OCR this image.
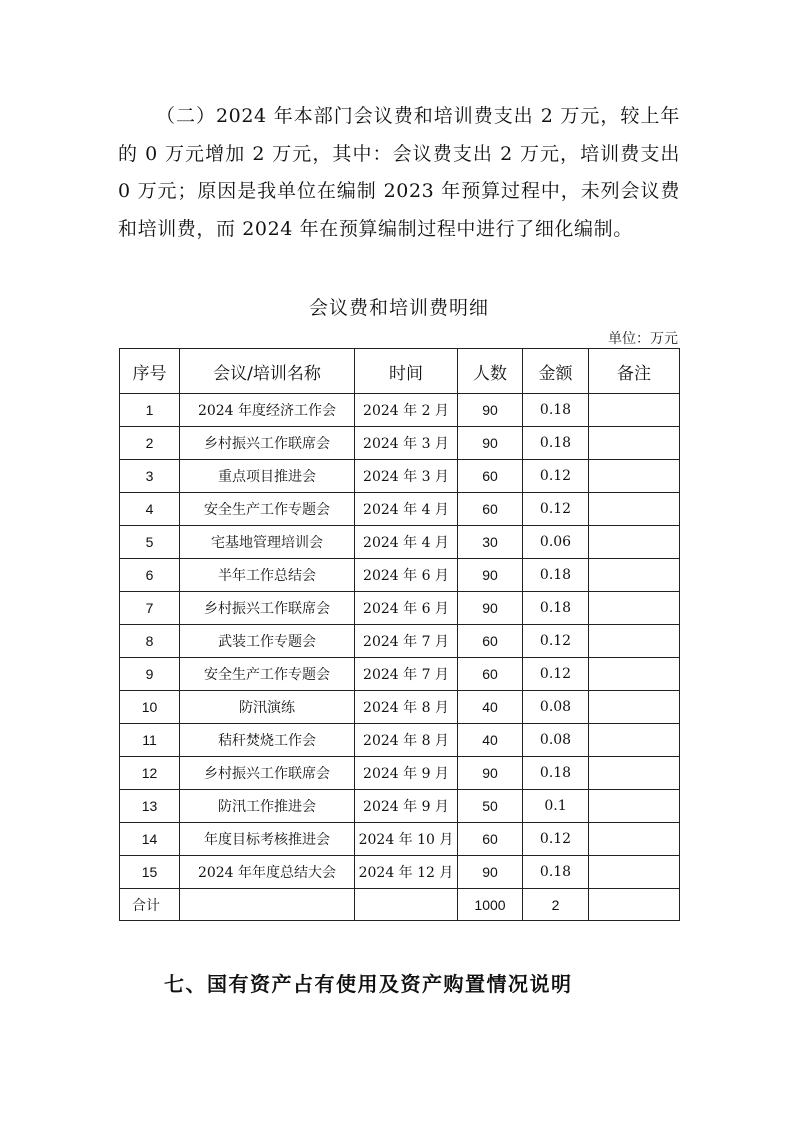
（二）2024 年本部门会议费和培训费支出 2 万元，较上年的 0 万元增加 2 万元，其中：会议费支出 2 万元，培训费支出 0 万元；原因是我单位在编制 2023 年预算过程中，未列会议费和培训费，而 2024 年在预算编制过程中进行了细化编制。

会议费和培训费明细

单位：万元

序号	会议/培训名称	时间	人数	金额	备注
1	2024 年度经济工作会	2024 年 2 月	90	0.18	
2	乡村振兴工作联席会	2024 年 3 月	90	0.18	
3	重点项目推进会	2024 年 3 月	60	0.12	
4	安全生产工作专题会	2024 年 4 月	60	0.12	
5	宅基地管理培训会	2024 年 4 月	30	0.06	
6	半年工作总结会	2024 年 6 月	90	0.18	
7	乡村振兴工作联席会	2024 年 6 月	90	0.18	
8	武装工作专题会	2024 年 7 月	60	0.12	
9	安全生产工作专题会	2024 年 7 月	60	0.12	
10	防汛演练	2024 年 8 月	40	0.08	
11	秸秆焚烧工作会	2024 年 8 月	40	0.08	
12	乡村振兴工作联席会	2024 年 9 月	90	0.18	
13	防汛工作推进会	2024 年 9 月	50	0.1	
14	年度目标考核推进会	2024 年 10 月	60	0.12	
15	2024 年年度总结大会	2024 年 12 月	90	0.18	
合计			1000	2	

七、国有资产占有使用及资产购置情况说明
